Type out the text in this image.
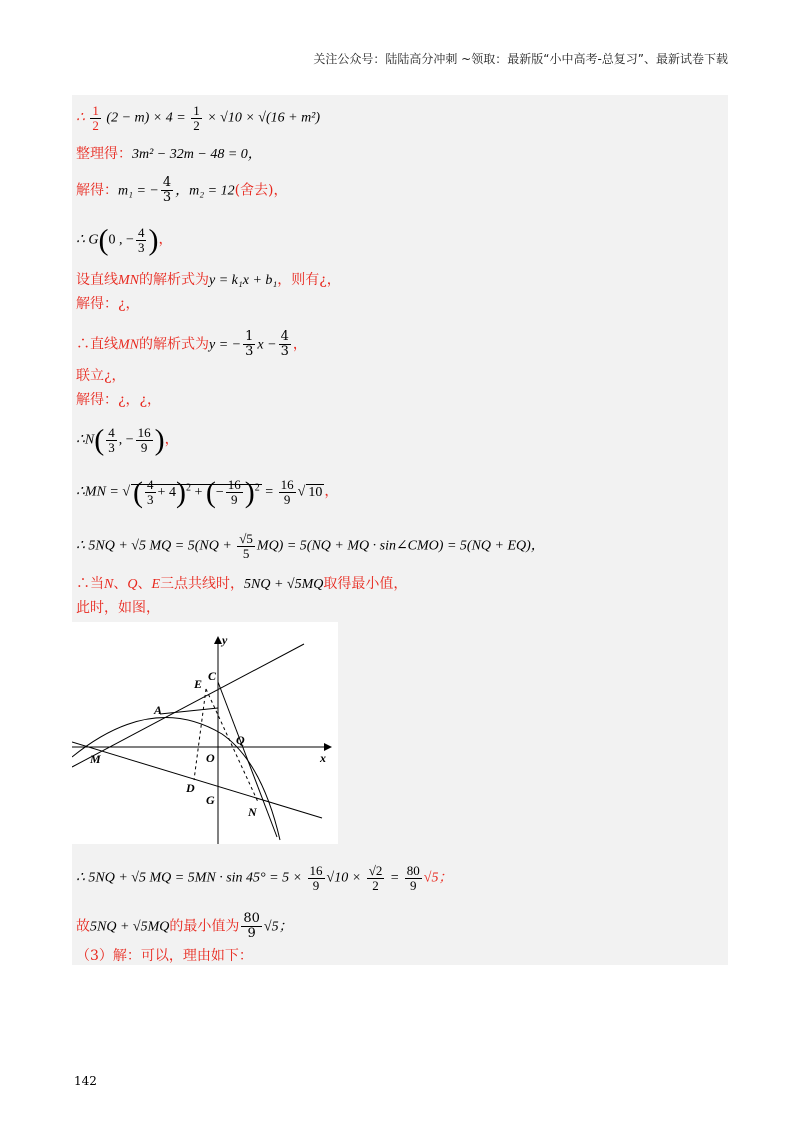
关注公众号：陆陆高分冲刺 ~领取：最新版“小中高考-总复习”、最新试卷下载
∴ $\frac{1}{2} (2 - m) \times 4 = \frac{1}{2} \times √10 \times √(16 + m^2)$
整理得：3m² − 32m − 48 = 0，
解得：m₁ = − $\frac{4}{3}$ ，m₂ = 12(舍去)，
∴ G(0 , − $\frac{4}{3}$ )，
设直线MN的解析式为y = k₁x + b₁，则有¿，
解得：¿，
∴直线MN的解析式为y = − $\frac{1}{3}$ $x - \frac{4}{3}$ ，
联立¿，
解得：¿，¿，
∴N( $\frac{4}{3}$ , − $\frac{16}{9}$ )，
∴MN = √ ( $\frac{4}{3} + 4)^2$ + (− $\frac{16}{9} )^2 = \frac{16}{9}$ √ 10 ，
∴ 5NQ + √5 MQ = $5(NQ + \frac{√5}{5} MQ) = 5(NQ$ + MQ · sin∠CMO) = 5(NQ + EQ)，
∴当N、Q、E三点共线时，5NQ + √5MQ取得最小值，
此时，如图，
y
x
C
E
A
Q
M	O
D
G
N
∴ 5NQ + √5 MQ = $5MN \cdot \sin 45^\circ = 5 \times \frac{16}{9} √10 \times \frac{√2}{2} = \frac{80}{9} √5$；
故5NQ + √5MQ的最小值为 $\frac{80}{9} √5$；
（3）解：可以，理由如下：
142
